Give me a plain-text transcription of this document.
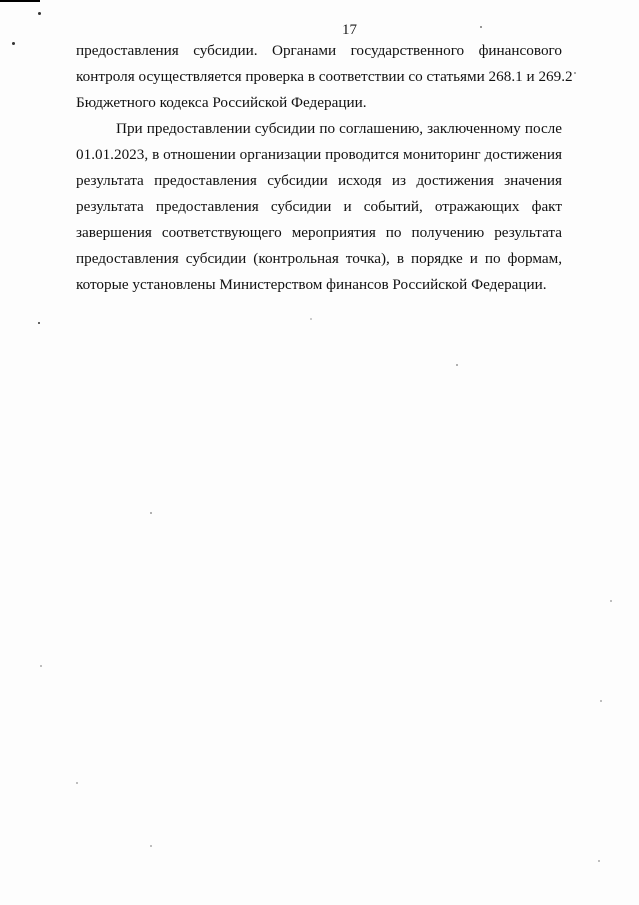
17
предоставления субсидии. Органами государственного финансового
контроля осуществляется проверка в соответствии со статьями 268.1 и 269.2
Бюджетного кодекса Российской Федерации.
При предоставлении субсидии по соглашению, заключенному после
01.01.2023, в отношении организации проводится мониторинг достижения
результата предоставления субсидии исходя из достижения значения
результата предоставления субсидии и событий, отражающих факт
завершения соответствующего мероприятия по получению результата
предоставления субсидии (контрольная точка), в порядке и по формам,
которые установлены Министерством финансов Российской Федерации.
